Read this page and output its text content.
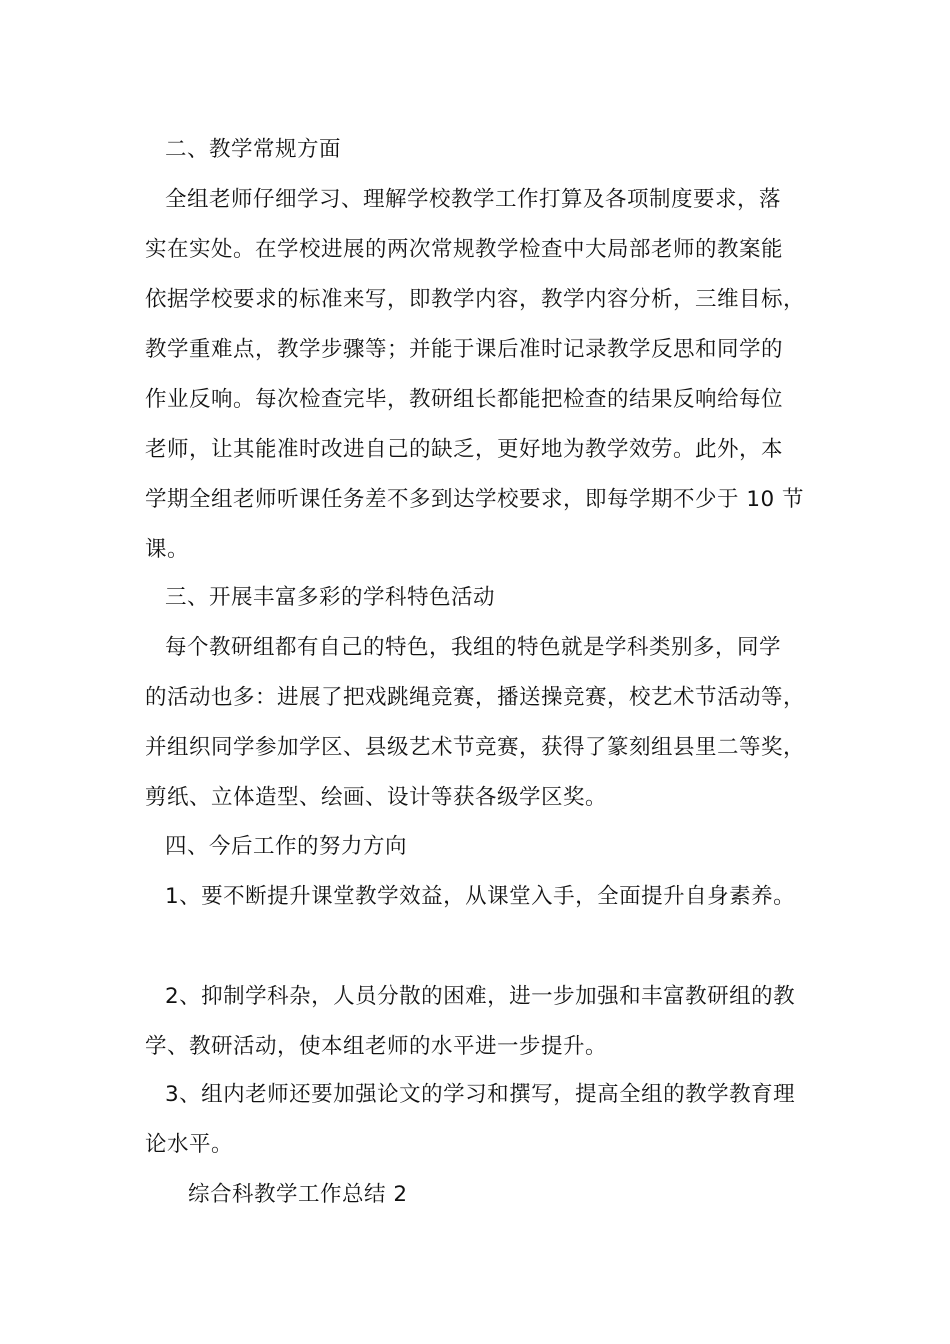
二、教学常规方面
全组老师仔细学习、理解学校教学工作打算及各项制度要求，落
实在实处。在学校进展的两次常规教学检查中大局部老师的教案能
依据学校要求的标准来写，即教学内容，教学内容分析，三维目标，
教学重难点，教学步骤等；并能于课后准时记录教学反思和同学的
作业反响。每次检查完毕，教研组长都能把检查的结果反响给每位
老师，让其能准时改进自己的缺乏，更好地为教学效劳。此外，本
学期全组老师听课任务差不多到达学校要求，即每学期不少于 10 节
课。
三、开展丰富多彩的学科特色活动
每个教研组都有自己的特色，我组的特色就是学科类别多，同学
的活动也多：进展了把戏跳绳竞赛，播送操竞赛，校艺术节活动等，
并组织同学参加学区、县级艺术节竞赛，获得了篆刻组县里二等奖，
剪纸、立体造型、绘画、设计等获各级学区奖。
四、今后工作的努力方向
1、要不断提升课堂教学效益，从课堂入手，全面提升自身素养。
2、抑制学科杂，人员分散的困难，进一步加强和丰富教研组的教
学、教研活动，使本组老师的水平进一步提升。
3、组内老师还要加强论文的学习和撰写，提高全组的教学教育理
论水平。
综合科教学工作总结 2
